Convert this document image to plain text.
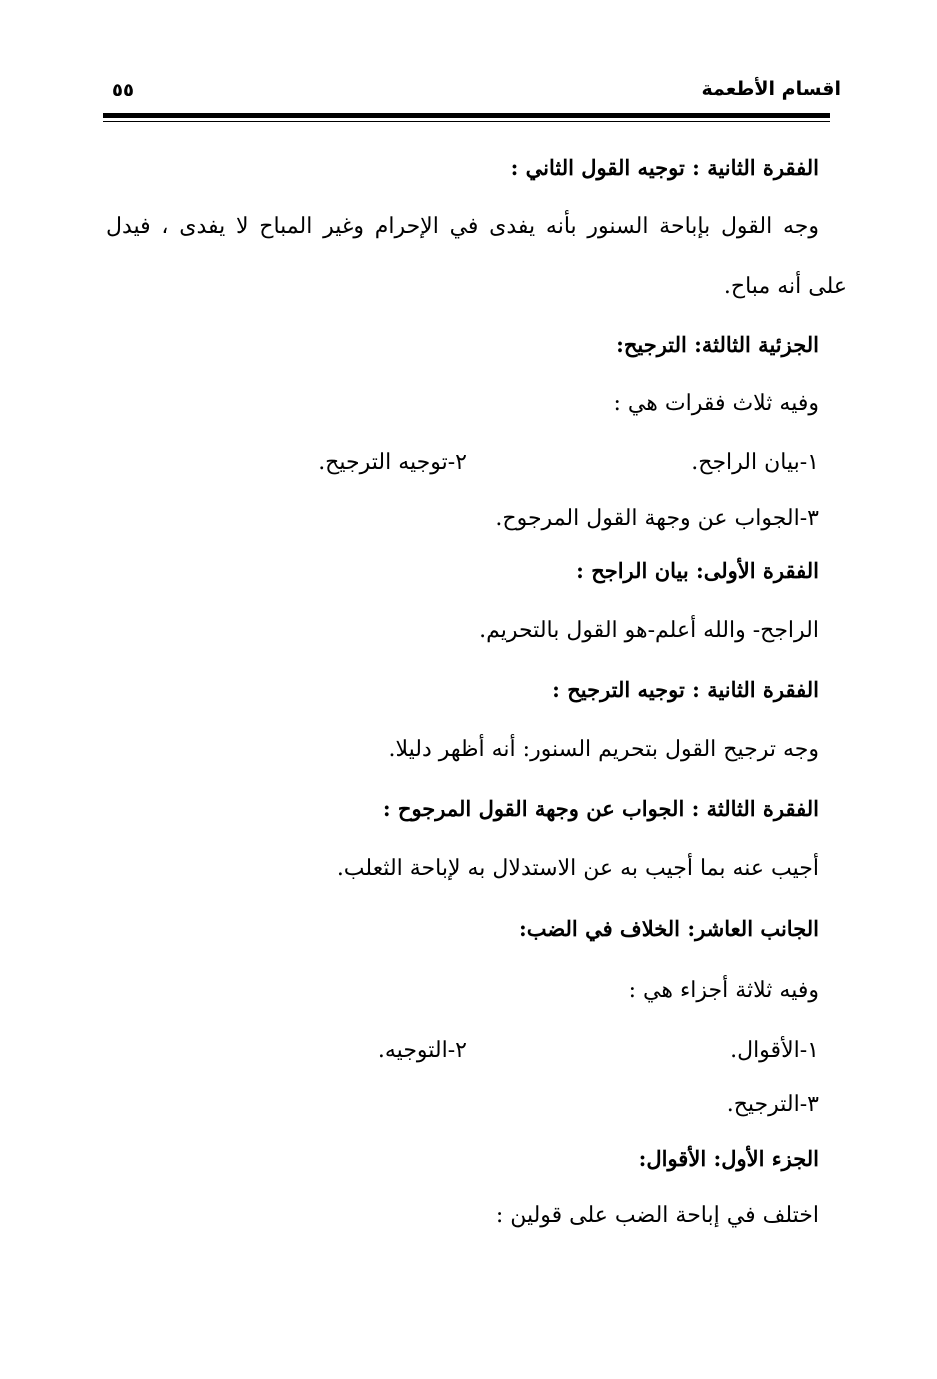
اقسام الأطعمة
٥٥
الفقرة الثانية : توجيه القول الثاني :
وجه القول بإباحة السنور بأنه يفدى في الإحرام وغير المباح لا يفدى ، فيدل
على أنه مباح.
الجزئية الثالثة: الترجيح:
وفيه ثلاث فقرات هي :
١-بيان الراجح.
٢-توجيه الترجيح.
٣-الجواب عن وجهة القول المرجوح.
الفقرة الأولى: بيان الراجح :
الراجح- والله أعلم-هو القول بالتحريم.
الفقرة الثانية : توجيه الترجيح :
وجه ترجيح القول بتحريم السنور: أنه أظهر دليلا.
الفقرة الثالثة : الجواب عن وجهة القول المرجوح :
أجيب عنه بما أجيب به عن الاستدلال به لإباحة الثعلب.
الجانب العاشر: الخلاف في الضب:
وفيه ثلاثة أجزاء هي :
١-الأقوال.
٢-التوجيه.
٣-الترجيح.
الجزء الأول: الأقوال:
اختلف في إباحة الضب على قولين :
